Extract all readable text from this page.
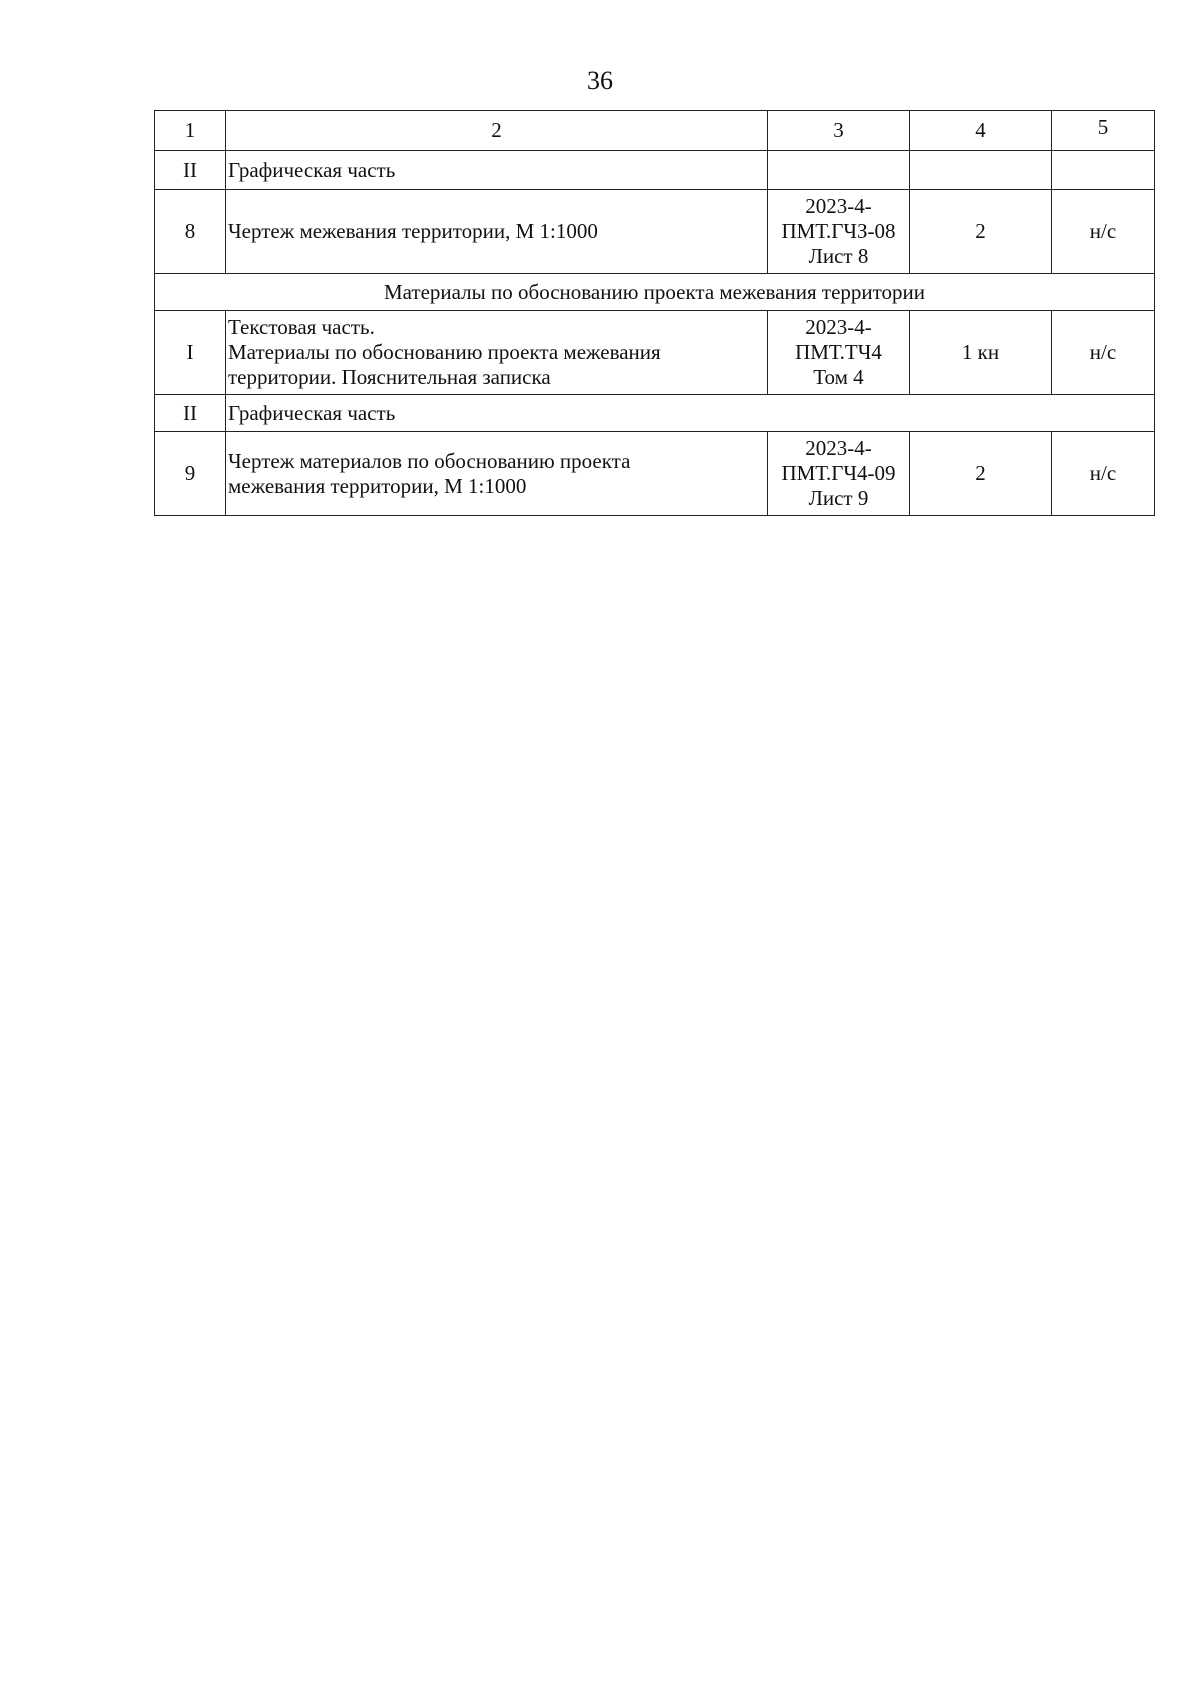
36
1	2	3	4	5
II	Графическая часть			
8	Чертеж межевания территории, М 1:1000	2023-4-
ПМТ.ГЧЗ-08
Лист 8	2	н/с
Материалы по обоснованию проекта межевания территории				
I	Текстовая часть.
Материалы по обоснованию проекта межевания
территории. Пояснительная записка	2023-4-
ПМТ.ТЧ4
Том 4	1 кн	н/с
II	Графическая часть			
9	Чертеж материалов по обоснованию проекта
межевания территории, М 1:1000	2023-4-
ПМТ.ГЧ4-09
Лист 9	2	н/с
